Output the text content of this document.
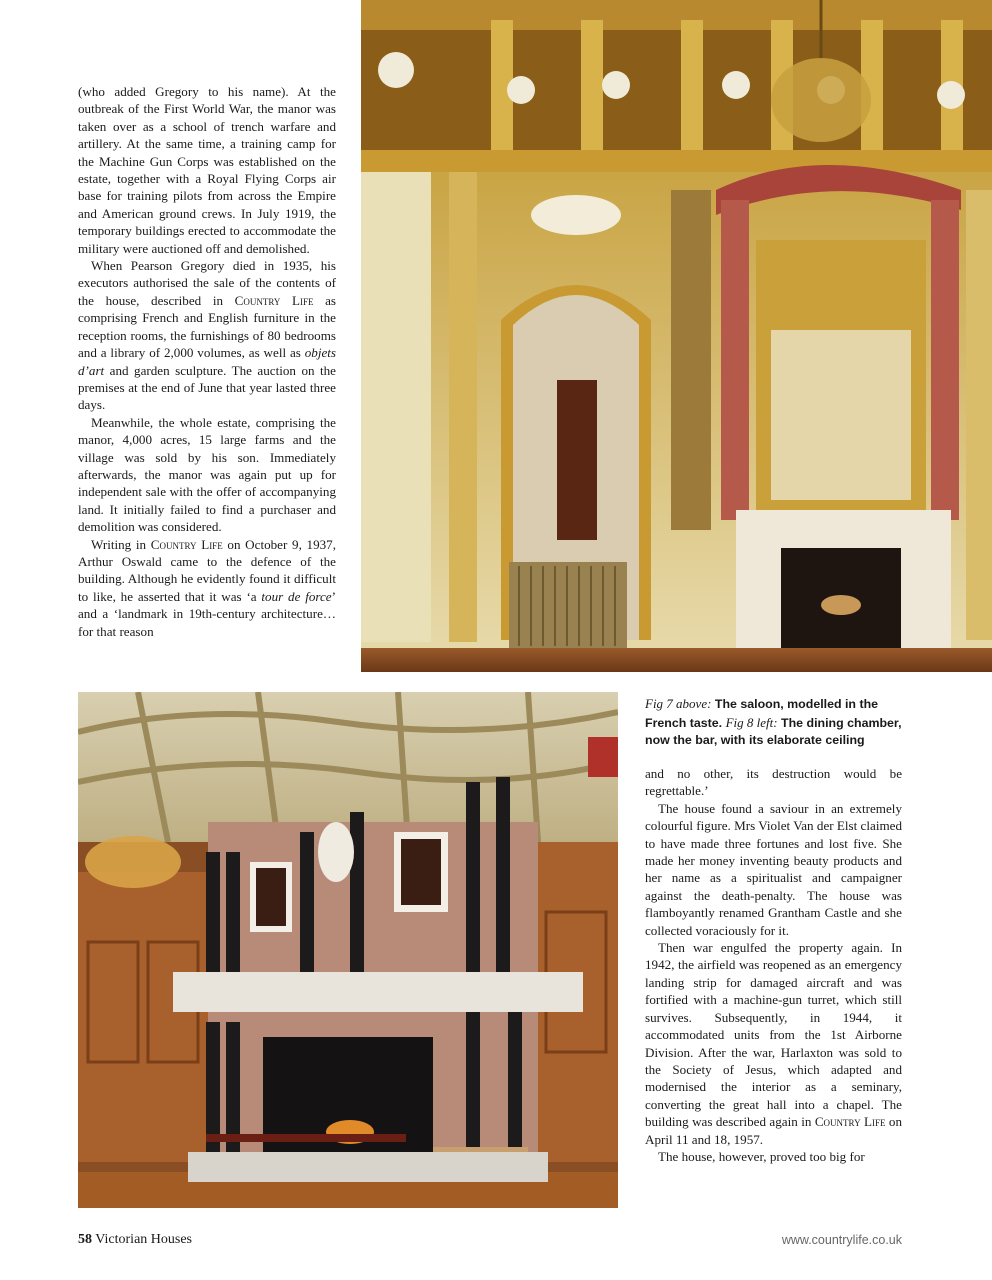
(who added Gregory to his name). At the outbreak of the First World War, the manor was taken over as a school of trench warfare and artillery. At the same time, a training camp for the Machine Gun Corps was established on the estate, together with a Royal Flying Corps air base for training pilots from across the Empire and American ground crews. In July 1919, the temporary buildings erected to accommodate the military were auctioned off and demolished.

When Pearson Gregory died in 1935, his executors authorised the sale of the contents of the house, described in Country Life as comprising French and English furniture in the reception rooms, the furnishings of 80 bedrooms and a library of 2,000 volumes, as well as objets d’art and garden sculpture. The auction on the premises at the end of June that year lasted three days.

Meanwhile, the whole estate, comprising the manor, 4,000 acres, 15 large farms and the village was sold by his son. Immediately afterwards, the manor was again put up for independent sale with the offer of accompanying land. It initially failed to find a purchaser and demolition was considered.

Writing in Country Life on October 9, 1937, Arthur Oswald came to the defence of the building. Although he evidently found it difficult to like, he asserted that it was ‘a tour de force’ and a ‘landmark in 19th-century architecture…for that reason

Fig 7 above: The saloon, modelled in the French taste. Fig 8 left: The dining chamber, now the bar, with its elaborate ceiling

and no other, its destruction would be regrettable.’

The house found a saviour in an extremely colourful figure. Mrs Violet Van der Elst claimed to have made three fortunes and lost five. She made her money inventing beauty products and her name as a spiritualist and campaigner against the death-penalty. The house was flamboyantly renamed Grantham Castle and she collected voraciously for it.

Then war engulfed the property again. In 1942, the airfield was reopened as an emergency landing strip for damaged aircraft and was fortified with a machine-gun turret, which still survives. Subsequently, in 1944, it accommodated units from the 1st Airborne Division. After the war, Harlaxton was sold to the Society of Jesus, which adapted and modernised the interior as a seminary, converting the great hall into a chapel. The building was described again in Country Life on April 11 and 18, 1957.

The house, however, proved too big for

58 Victorian Houses	www.countrylife.co.uk
